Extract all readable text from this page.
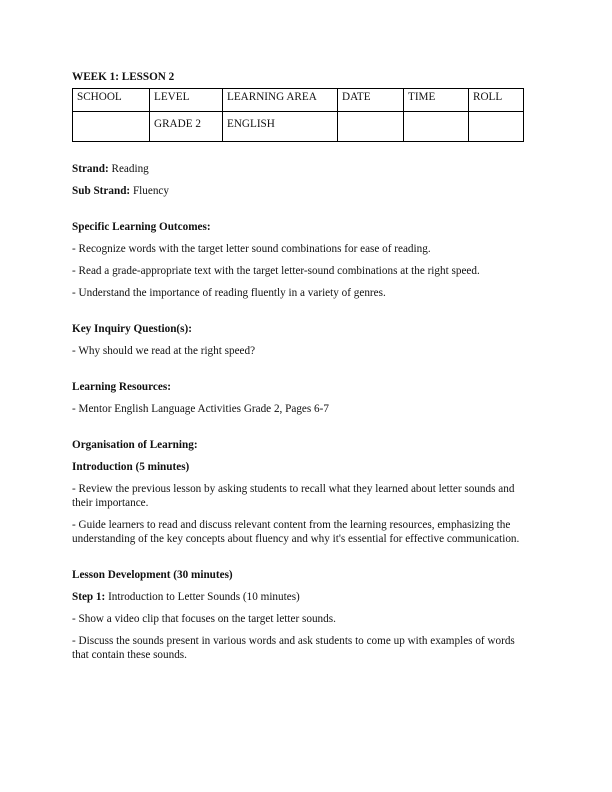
WEEK 1: LESSON 2

SCHOOL	LEVEL	LEARNING AREA	DATE	TIME	ROLL
	GRADE 2	ENGLISH			

Strand: Reading

Sub Strand: Fluency

Specific Learning Outcomes:

- Recognize words with the target letter sound combinations for ease of reading.

- Read a grade-appropriate text with the target letter-sound combinations at the right speed.

- Understand the importance of reading fluently in a variety of genres.

Key Inquiry Question(s):

- Why should we read at the right speed?

Learning Resources:

- Mentor English Language Activities Grade 2, Pages 6-7

Organisation of Learning:

Introduction (5 minutes)

- Review the previous lesson by asking students to recall what they learned about letter sounds and their importance.

- Guide learners to read and discuss relevant content from the learning resources, emphasizing the understanding of the key concepts about fluency and why it's essential for effective communication.

Lesson Development (30 minutes)

Step 1: Introduction to Letter Sounds (10 minutes)

- Show a video clip that focuses on the target letter sounds.

- Discuss the sounds present in various words and ask students to come up with examples of words that contain these sounds.
